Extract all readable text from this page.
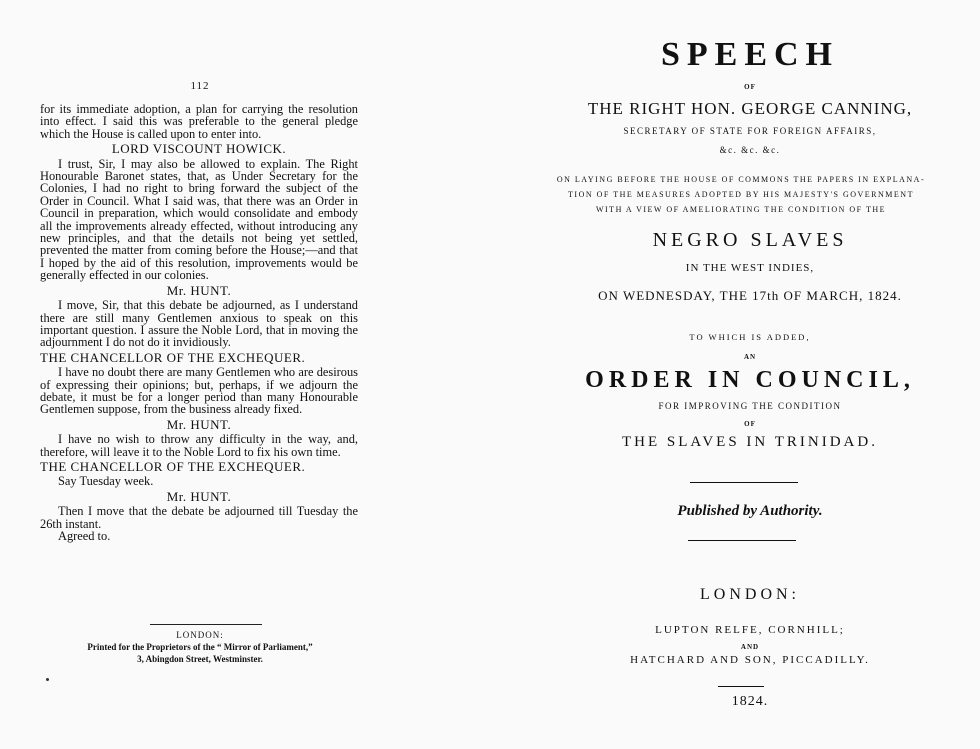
112

for its immediate adoption, a plan for carrying the resolution into effect. I said this was preferable to the general pledge which the House is called upon to enter into.

LORD VISCOUNT HOWICK.

I trust, Sir, I may also be allowed to explain. The Right Honourable Baronet states, that, as Under Secretary for the Colonies, I had no right to bring forward the subject of the Order in Council. What I said was, that there was an Order in Council in preparation, which would consolidate and embody all the improvements already effected, without introducing any new principles, and that the details not being yet settled, prevented the matter from coming before the House;—and that I hoped by the aid of this resolution, improvements would be generally effected in our colonies.

Mr. HUNT.

I move, Sir, that this debate be adjourned, as I understand there are still many Gentlemen anxious to speak on this important question. I assure the Noble Lord, that in moving the adjournment I do not do it invidiously.

THE CHANCELLOR OF THE EXCHEQUER.

I have no doubt there are many Gentlemen who are desirous of expressing their opinions; but, perhaps, if we adjourn the debate, it must be for a longer period than many Honourable Gentlemen suppose, from the business already fixed.

Mr. HUNT.

I have no wish to throw any difficulty in the way, and, therefore, will leave it to the Noble Lord to fix his own time.

THE CHANCELLOR OF THE EXCHEQUER.

Say Tuesday week.

Mr. HUNT.

Then I move that the debate be adjourned till Tuesday the 26th instant.

Agreed to.

LONDON:
Printed for the Proprietors of the “ Mirror of Parliament,”
3, Abingdon Street, Westminster.
SPEECH
OF
THE RIGHT HON. GEORGE CANNING,
SECRETARY OF STATE FOR FOREIGN AFFAIRS,
&c. &c. &c.
ON LAYING BEFORE THE HOUSE OF COMMONS THE PAPERS IN EXPLANA-
TION OF THE MEASURES ADOPTED BY HIS MAJESTY'S GOVERNMENT
WITH A VIEW OF AMELIORATING THE CONDITION OF THE
NEGRO SLAVES
IN THE WEST INDIES,
ON WEDNESDAY, THE 17th OF MARCH, 1824.
TO WHICH IS ADDED,
AN
ORDER IN COUNCIL,
FOR IMPROVING THE CONDITION
OF
THE SLAVES IN TRINIDAD.
Published by Authority.
LONDON:
LUPTON RELFE, CORNHILL;
AND
HATCHARD AND SON, PICCADILLY.
1824.
